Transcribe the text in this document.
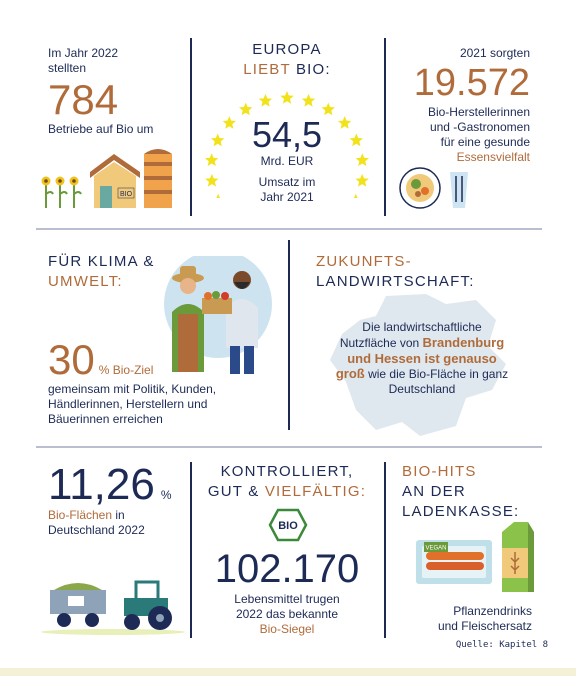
Im Jahr 2022
stellten
784
Betriebe auf Bio um
BIO
EUROPA
LIEBT BIO:
54,5
Mrd. EUR
Umsatz im
Jahr 2021
2021 sorgten
19.572
Bio-Herstellerinnen
und -Gastronomen
für eine gesunde
Essensvielfalt
FÜR KLIMA &
UMWELT:
30 % Bio-Ziel
gemeinsam mit Politik, Kunden,
Händlerinnen, Herstellern und
Bäuerinnen erreichen
ZUKUNFTS-
LANDWIRTSCHAFT:
Die landwirtschaftliche
Nutzfläche von Brandenburg
und Hessen ist genauso
groß wie die Bio-Fläche in ganz
Deutschland
11,26 %
Bio-Flächen in
Deutschland 2022
KONTROLLIERT,
GUT & VIELFÄLTIG:
BIO
102.170
Lebensmittel trugen
2022 das bekannte
Bio-Siegel
BIO-HITS
AN DER
LADENKASSE:
VEGAN
Pflanzendrinks
und Fleischersatz
Quelle: Kapitel 8
